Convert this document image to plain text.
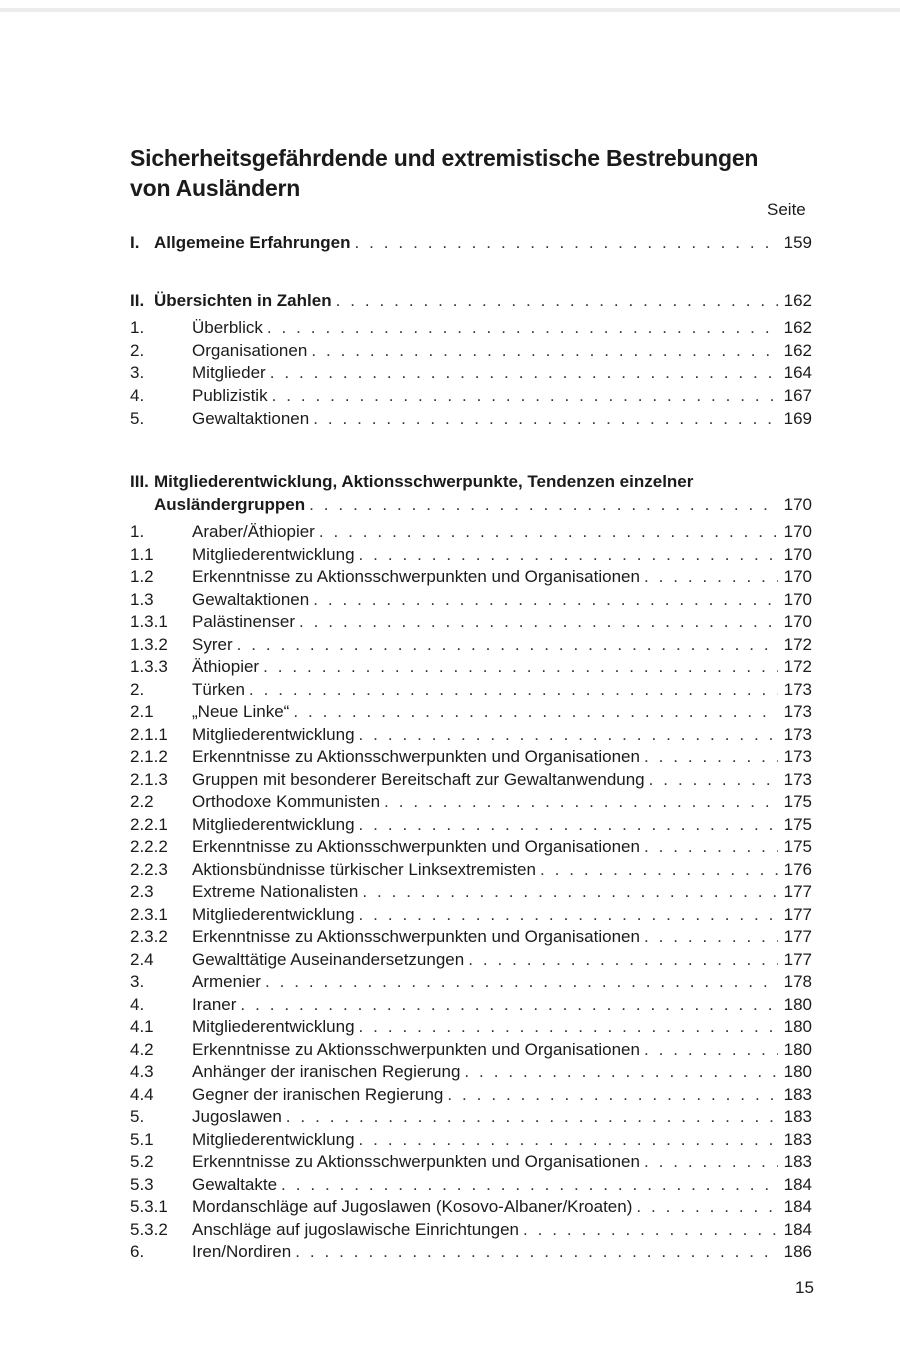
Sicherheitsgefährdende und extremistische Bestrebungen
von Ausländern
Seite
I. Allgemeine Erfahrungen . . .	159
II. Übersichten in Zahlen . . .	162
1.	Überblick . . .	162
2.	Organisationen . . .	162
3.	Mitglieder . . .	164
4.	Publizistik . . .	167
5.	Gewaltaktionen . . .	169
III. Mitgliederentwicklung, Aktionsschwerpunkte, Tendenzen einzelner
Ausländergruppen . . .	170
1.	Araber/Äthiopier . . .	170
1.1 Mitgliederentwicklung . . .	170
1.2 Erkenntnisse zu Aktionsschwerpunkten und Organisationen . . .	170
1.3 Gewaltaktionen . . .	170
1.3.1 Palästinenser . . .	170
1.3.2 Syrer . . .	172
1.3.3 Äthiopier . . .	172
2.	Türken . . .	173
2.1 „Neue Linke“ . . .	173
2.1.1 Mitgliederentwicklung . . .	173
2.1.2 Erkenntnisse zu Aktionsschwerpunkten und Organisationen . . .	173
2.1.3 Gruppen mit besonderer Bereitschaft zur Gewaltanwendung . . .	173
2.2 Orthodoxe Kommunisten . . .	175
2.2.1 Mitgliederentwicklung . . .	175
2.2.2 Erkenntnisse zu Aktionsschwerpunkten und Organisationen . . .	175
2.2.3 Aktionsbündnisse türkischer Linksextremisten . . .	176
2.3 Extreme Nationalisten . . .	177
2.3.1 Mitgliederentwicklung . . .	177
2.3.2 Erkenntnisse zu Aktionsschwerpunkten und Organisationen . . .	177
2.4 Gewalttätige Auseinandersetzungen . . .	177
3.	Armenier . . .	178
4.	Iraner . . .	180
4.1 Mitgliederentwicklung . . .	180
4.2 Erkenntnisse zu Aktionsschwerpunkten und Organisationen . . .	180
4.3 Anhänger der iranischen Regierung . . .	180
4.4 Gegner der iranischen Regierung . . .	183
5.	Jugoslawen . . .	183
5.1 Mitgliederentwicklung . . .	183
5.2 Erkenntnisse zu Aktionsschwerpunkten und Organisationen . . .	183
5.3 Gewaltakte . . .	184
5.3.1 Mordanschläge auf Jugoslawen (Kosovo-Albaner/Kroaten) . . .	184
5.3.2 Anschläge auf jugoslawische Einrichtungen . . .	184
6.	Iren/Nordiren . . .	186
15
